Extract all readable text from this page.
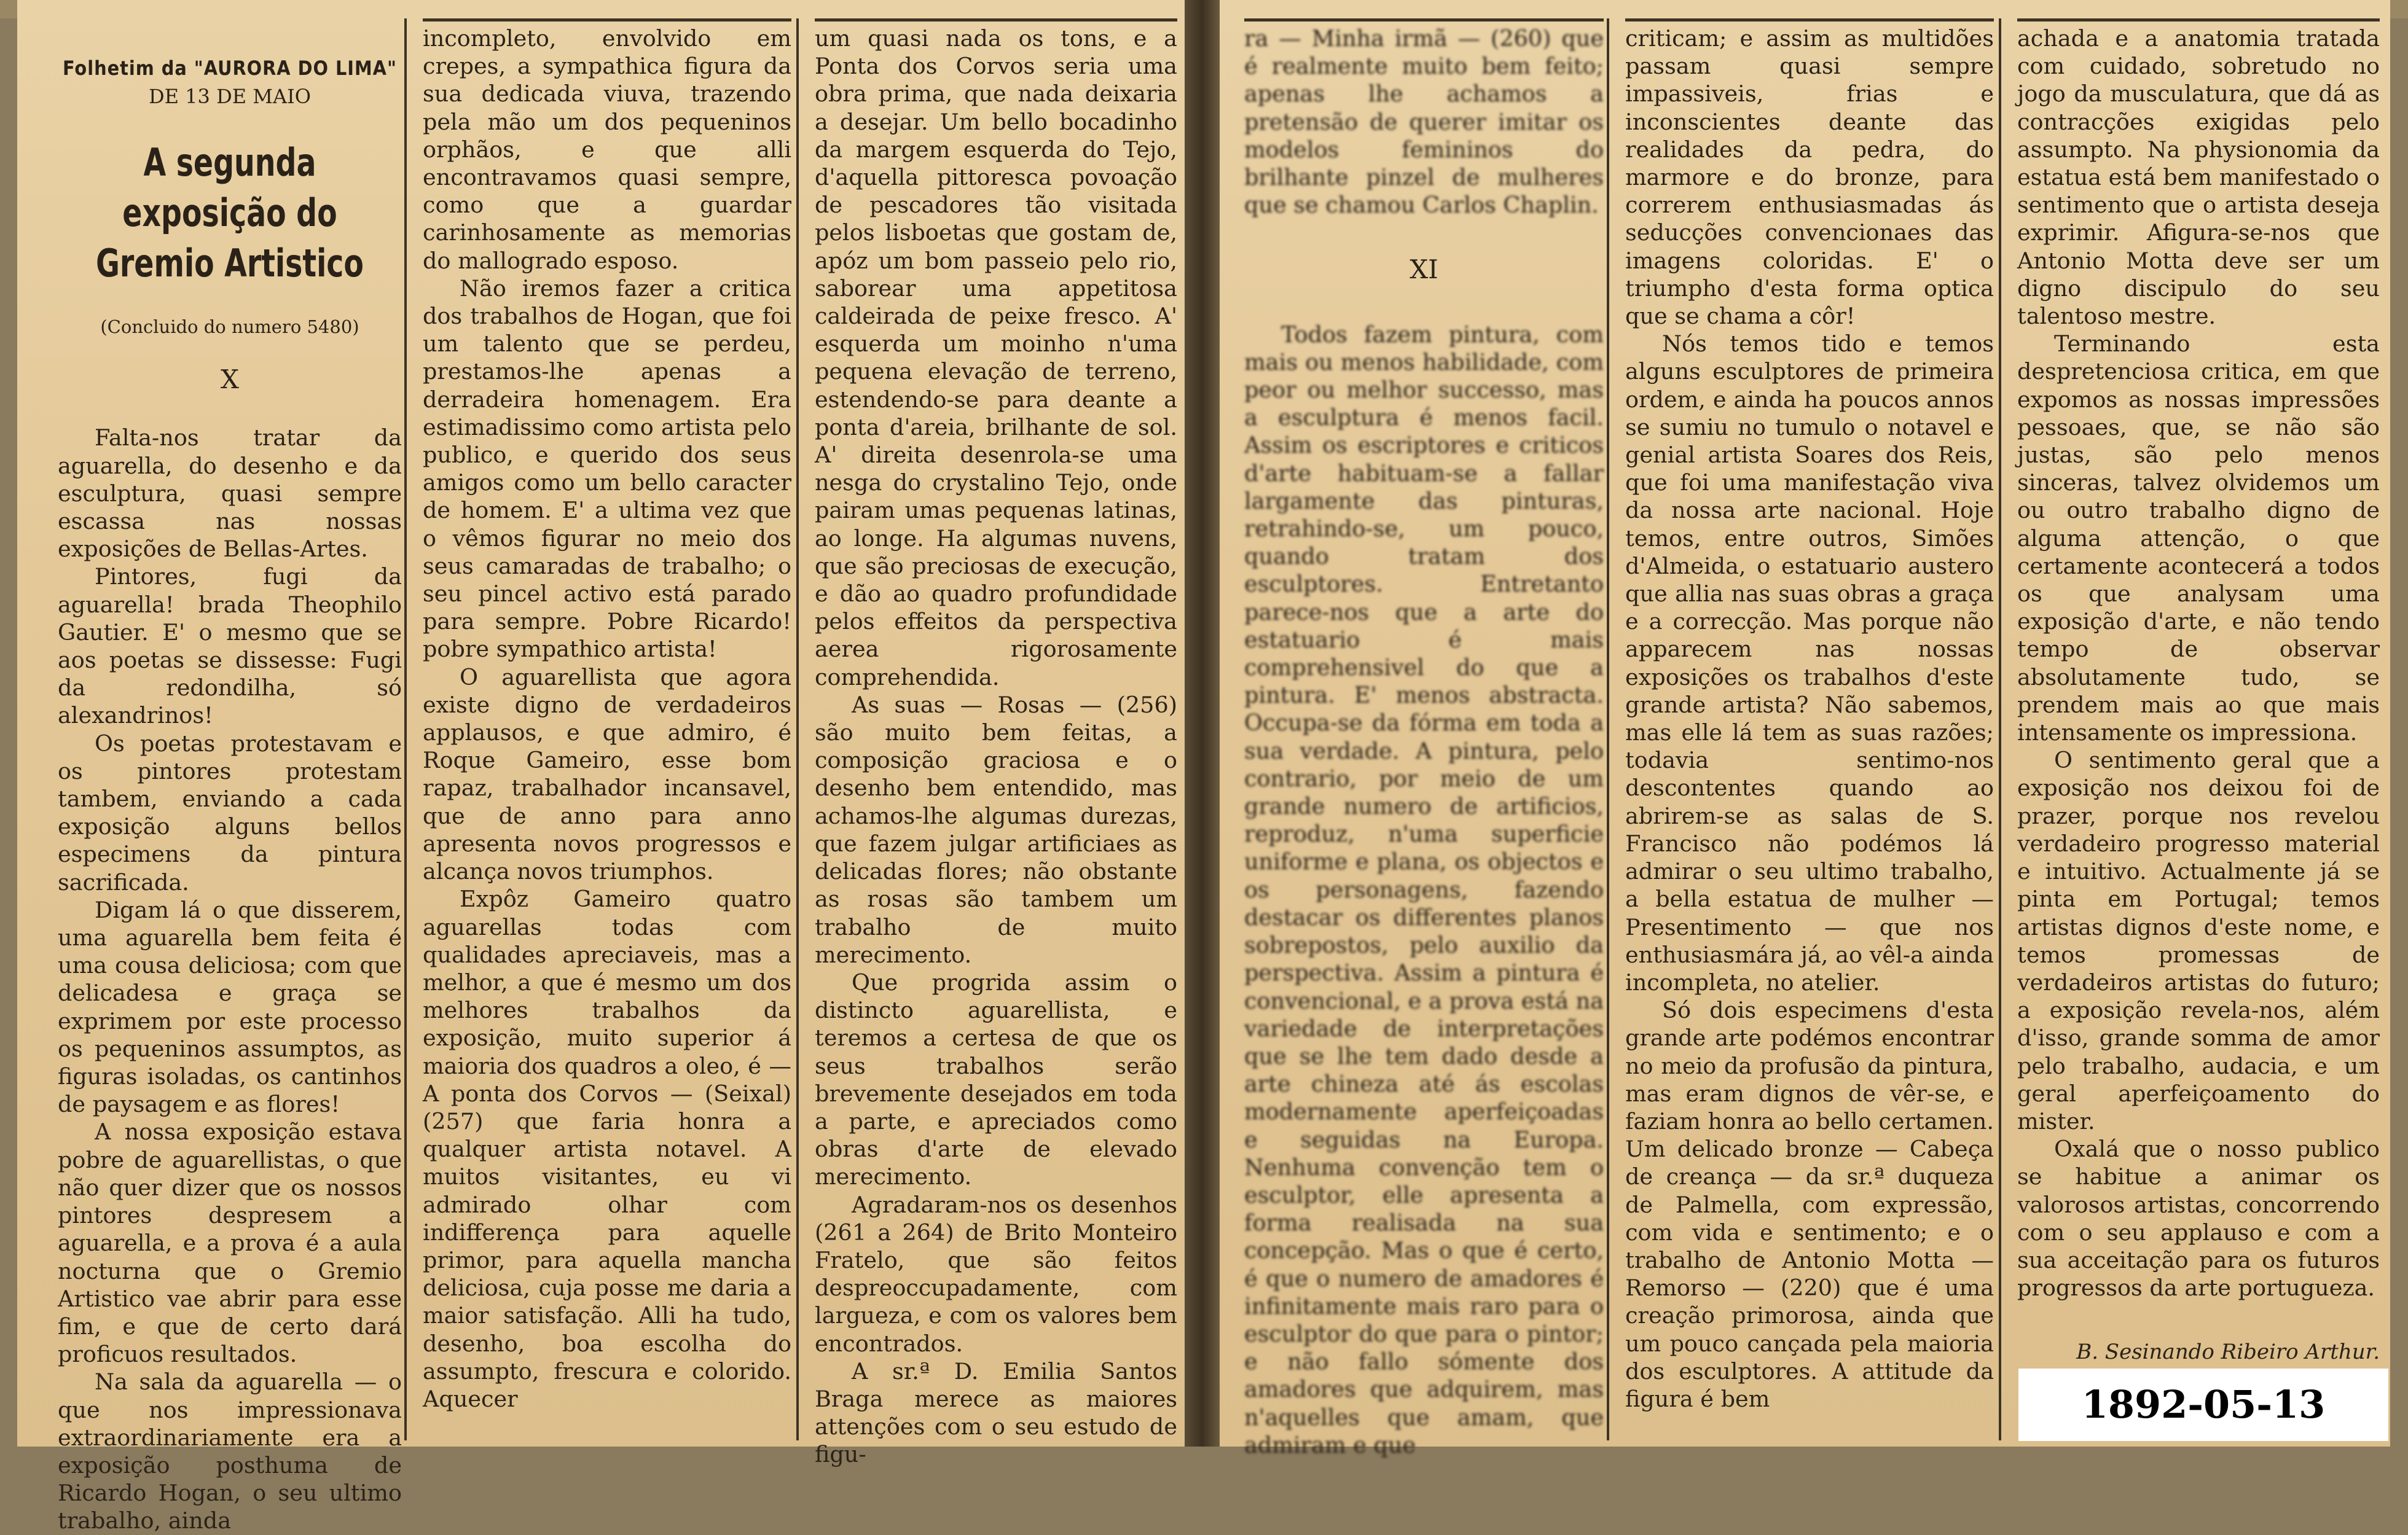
Folhetim da "AURORA DO LIMA"
DE 13 DE MAIO
A segunda exposição do Gremio Artistico
(Concluido do numero 5480)
X

Falta-nos tratar da aguarella, do desenho e da esculptura, quasi sempre escassa nas nossas exposições de Bellas-Artes.

Pintores, fugi da aguarella! brada Theophilo Gautier. E' o mesmo que se aos poetas se dissesse: Fugi da redondilha, só alexandrinos!

Os poetas protestavam e os pintores protestam tambem, enviando a cada exposição alguns bellos especimens da pintura sacrificada.

Digam lá o que disserem, uma aguarella bem feita é uma cousa deliciosa; com que delicadesa e graça se exprimem por este processo os pequeninos assumptos, as figuras isoladas, os cantinhos de paysagem e as flores!

A nossa exposição estava pobre de aguarellistas, o que não quer dizer que os nossos pintores despresem a aguarella, e a prova é a aula nocturna que o Gremio Artistico vae abrir para esse fim, e que de certo dará proficuos resultados.

Na sala da aguarella — o que nos impressionava extraordinariamente era a exposição posthuma de Ricardo Hogan, o seu ultimo trabalho, ainda

incompleto, envolvido em crepes, a sympathica figura da sua dedicada viuva, trazendo pela mão um dos pequeninos orphãos, e que alli encontravamos quasi sempre, como que a guardar carinhosamente as memorias do mallogrado esposo.

Não iremos fazer a critica dos trabalhos de Hogan, que foi um talento que se perdeu, prestamos-lhe apenas a derradeira homenagem. Era estimadissimo como artista pelo publico, e querido dos seus amigos como um bello caracter de homem. E' a ultima vez que o vêmos figurar no meio dos seus camaradas de trabalho; o seu pincel activo está parado para sempre. Pobre Ricardo! pobre sympathico artista!

O aguarellista que agora existe digno de verdadeiros applausos, e que admiro, é Roque Gameiro, esse bom rapaz, trabalhador incansavel, que de anno para anno apresenta novos progressos e alcança novos triumphos.

Expôz Gameiro quatro aguarellas todas com qualidades apreciaveis, mas a melhor, a que é mesmo um dos melhores trabalhos da exposição, muito superior á maioria dos quadros a oleo, é — A ponta dos Corvos — (Seixal) (257) que faria honra a qualquer artista notavel. A muitos visitantes, eu vi admirado olhar com indifferença para aquelle primor, para aquella mancha deliciosa, cuja posse me daria a maior satisfação. Alli ha tudo, desenho, boa escolha do assumpto, frescura e colorido. Aquecer

um quasi nada os tons, e a Ponta dos Corvos seria uma obra prima, que nada deixaria a desejar. Um bello bocadinho da margem esquerda do Tejo, d'aquella pittoresca povoação de pescadores tão visitada pelos lisboetas que gostam de, apóz um bom passeio pelo rio, saborear uma appetitosa caldeirada de peixe fresco. A' esquerda um moinho n'uma pequena elevação de terreno, estendendo-se para deante a ponta d'areia, brilhante de sol. A' direita desenrola-se uma nesga do crystalino Tejo, onde pairam umas pequenas latinas, ao longe. Ha algumas nuvens, que são preciosas de execução, e dão ao quadro profundidade pelos effeitos da perspectiva aerea rigorosamente comprehendida.

As suas — Rosas — (256) são muito bem feitas, a composição graciosa e o desenho bem entendido, mas achamos-lhe algumas durezas, que fazem julgar artificiaes as delicadas flores; não obstante as rosas são tambem um trabalho de muito merecimento.

Que progrida assim o distincto aguarellista, e teremos a certesa de que os seus trabalhos serão brevemente desejados em toda a parte, e apreciados como obras d'arte de elevado merecimento.

Agradaram-nos os desenhos (261 a 264) de Brito Monteiro Fratelo, que são feitos despreoccupadamente, com largueza, e com os valores bem encontrados.

A sr.ª D. Emilia Santos Braga merece as maiores attenções com o seu estudo de figu-

ra — Minha irmã — (260) que é realmente muito bem feito; apenas lhe achamos a pretensão de querer imitar os modelos femininos do brilhante pinzel de mulheres que se chamou Carlos Chaplin.

XI

Todos fazem pintura, com mais ou menos habilidade, com peor ou melhor successo, mas a esculptura é menos facil. Assim os escriptores e criticos d'arte habituam-se a fallar largamente das pinturas, retrahindo-se, um pouco, quando tratam dos esculptores. Entretanto parece-nos que a arte do estatuario é mais comprehensivel do que a pintura. E' menos abstracta. Occupa-se da fórma em toda a sua verdade. A pintura, pelo contrario, por meio de um grande numero de artificios, reproduz, n'uma superficie uniforme e plana, os objectos e os personagens, fazendo destacar os differentes planos sobrepostos, pelo auxilio da perspectiva. Assim a pintura é convencional, e a prova está na variedade de interpretações que se lhe tem dado desde a arte chineza até ás escolas modernamente aperfeiçoadas e seguidas na Europa. Nenhuma convenção tem o esculptor, elle apresenta a forma realisada na sua concepção. Mas o que é certo, é que o numero de amadores é infinitamente mais raro para o esculptor do que para o pintor; e não fallo sómente dos amadores que adquirem, mas n'aquelles que amam, que admiram e que

criticam; e assim as multidões passam quasi sempre impassiveis, frias e inconscientes deante das realidades da pedra, do marmore e do bronze, para correrem enthusiasmadas ás seducções convencionaes das imagens coloridas. E' o triumpho d'esta forma optica que se chama a côr!

Nós temos tido e temos alguns esculptores de primeira ordem, e ainda ha poucos annos se sumiu no tumulo o notavel e genial artista Soares dos Reis, que foi uma manifestação viva da nossa arte nacional. Hoje temos, entre outros, Simões d'Almeida, o estatuario austero que allia nas suas obras a graça e a correcção. Mas porque não apparecem nas nossas exposições os trabalhos d'este grande artista? Não sabemos, mas elle lá tem as suas razões; todavia sentimo-nos descontentes quando ao abrirem-se as salas de S. Francisco não podémos lá admirar o seu ultimo trabalho, a bella estatua de mulher — Presentimento — que nos enthusiasmára já, ao vêl-a ainda incompleta, no atelier.

Só dois especimens d'esta grande arte podémos encontrar no meio da profusão da pintura, mas eram dignos de vêr-se, e faziam honra ao bello certamen. Um delicado bronze — Cabeça de creança — da sr.ª duqueza de Palmella, com expressão, com vida e sentimento; e o trabalho de Antonio Motta — Remorso — (220) que é uma creação primorosa, ainda que um pouco cançada pela maioria dos esculptores. A attitude da figura é bem

achada e a anatomia tratada com cuidado, sobretudo no jogo da musculatura, que dá as contracções exigidas pelo assumpto. Na physionomia da estatua está bem manifestado o sentimento que o artista deseja exprimir. Afigura-se-nos que Antonio Motta deve ser um digno discipulo do seu talentoso mestre.

Terminando esta despretenciosa critica, em que expomos as nossas impressões pessoaes, que, se não são justas, são pelo menos sinceras, talvez olvidemos um ou outro trabalho digno de alguma attenção, o que certamente acontecerá a todos os que analysam uma exposição d'arte, e não tendo tempo de observar absolutamente tudo, se prendem mais ao que mais intensamente os impressiona.

O sentimento geral que a exposição nos deixou foi de prazer, porque nos revelou verdadeiro progresso material e intuitivo. Actualmente já se pinta em Portugal; temos artistas dignos d'este nome, e temos promessas de verdadeiros artistas do futuro; a exposição revela-nos, além d'isso, grande somma de amor pelo trabalho, audacia, e um geral aperfeiçoamento do mister.

Oxalá que o nosso publico se habitue a animar os valorosos artistas, concorrendo com o seu applauso e com a sua acceitação para os futuros progressos da arte portugueza.

B. Sesinando Ribeiro Arthur.
1892-05-13
